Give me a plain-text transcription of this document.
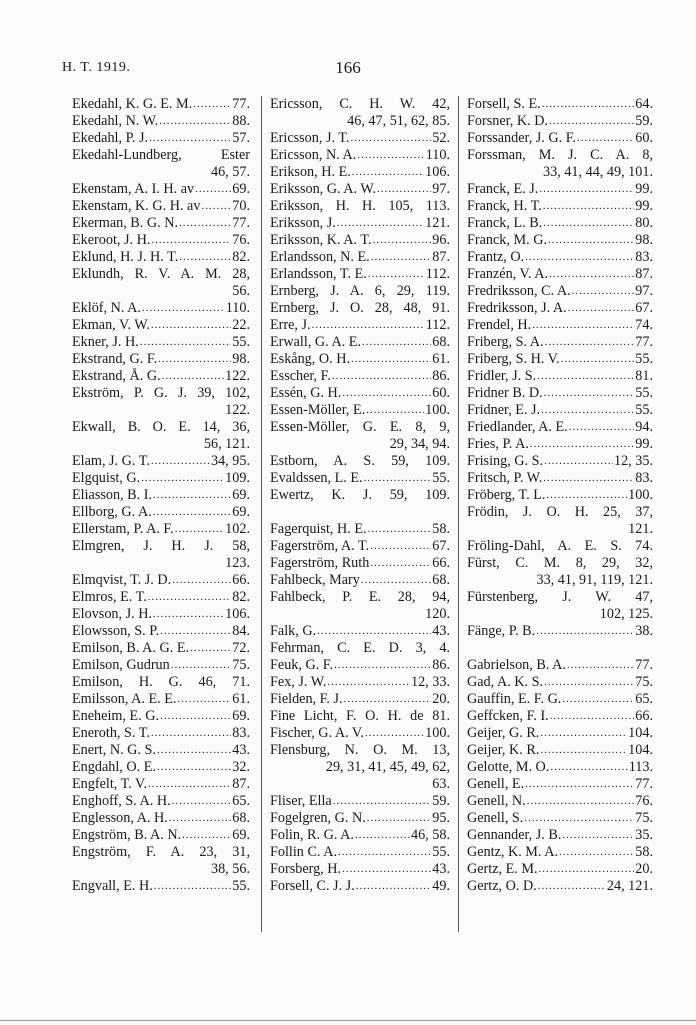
H. T. 1919.	166
Ekedahl, K. G. E. M. .....	77.
Ekedahl, N. W. .....	88.
Ekedahl, P. J. .....	57.
Ekedahl-Lundberg, Ester
46, 57.
Ekenstam, A. I. H. av .....	69.
Ekenstam, K. G. H. av ..... 70.
Ekerman, B. G. N. .....	77.
Ekeroot, J. H. .....	76.
Eklund, H. J. H. T. .....	82.
Eklundh, R. V. A. M. 28,
56.
Eklöf, N. A. .....	110.
Ekman, V. W. .....	22.
Ekner, J. H. .....	55.
Ekstrand, G. F. .....	98.
Ekstrand, Å. G. .....	122.
Ekström, P. G. J. 39, 102,
122.
Ekwall, B. O. E. 14, 36,
56, 121.
Elam, J. G. T. .....	34, 95.
Elgquist, G. .....	109.
Eliasson, B. I. .....	69.
Ellborg, G. A. .....	69.
Ellerstam, P. A. F. .....	102.
Elmgren, J. H. J. 58,
123.
Elmqvist, T. J. D. .....	66.
Elmros, E. T. .....	82.
Elovson, J. H. .....	106.
Elowsson, S. P. .....	84.
Emilson, B. A. G. E. .....	72.
Emilson, Gudrun .....	75.
Emilson, H. G. 46, 71.
Emilsson, A. E. E. .....	61.
Eneheim, E. G. .....	69.
Eneroth, S. T. .....	83.
Enert, N. G. S. .....	43.
Engdahl, O. E. .....	32.
Engfelt, T. V. .....	87.
Enghoff, S. A. H. .....	65.
Englesson, A. H. .....	68.
Engström, B. A. N. .....	69.
Engström, F. A. 23, 31,
38, 56.
Engvall, E. H. .....	55.
Ericsson, C. H. W. 42,
46, 47, 51, 62, 85.
Ericsson, J. T. .....	52.
Ericsson, N. A. .....	110.
Erikson, H. E. .....	106.
Eriksson, G. A. W. .....	97.
Eriksson, H. H. 105, 113.
Eriksson, J. .....	121.
Eriksson, K. A. T. .....	96.
Erlandsson, N. E. .....	87.
Erlandsson, T. E. .....	112.
Ernberg, J. A. 6, 29, 119.
Ernberg, J. O. 28, 48, 91.
Erre, J. .....	112.
Erwall, G. A. E. .....	68.
Eskång, O. H. .....	61.
Esscher, F. .....	86.
Essén, G. H. .....	60.
Essen-Möller, E. .....	100.
Essen-Möller, G. E. 8, 9,
29, 34, 94.
Estborn, A. S. 59, 109.
Evaldssen, L. E. .....	55.
Ewertz, K. J. 59, 109.
Fagerquist, H. E. .....	58.
Fagerström, A. T. .....	67.
Fagerström, Ruth .....	66.
Fahlbeck, Mary .....	68.
Fahlbeck, P. E. 28, 94,
120.
Falk, G. .....	43.
Fehrman, C. E. D. 3, 4.
Feuk, G. F. .....	86.
Fex, J. W. .....	12, 33.
Fielden, F. J. .....	20.
Fine Licht, F. O. H. de 81.
Fischer, G. A. V. .....	100.
Flensburg, N. O. M. 13,
29, 31, 41, 45, 49, 62,
63.
Fliser, Ella .....	59.
Fogelgren, G. N. .....	95.
Folin, R. G. A. .....	46, 58.
Follin C. A. .....	55.
Forsberg, H. .....	43.
Forsell, C. J. J. .....	49.
Forsell, S. E. .....	64.
Forsner, K. D. .....	59.
Forssander, J. G. F. .....	60.
Forssman, M. J. C. A. 8,
33, 41, 44, 49, 101.
Franck, E. J. .....	99.
Franck, H. T. .....	99.
Franck, L. B. .....	80.
Franck, M. G. .....	98.
Frantz, O. .....	83.
Franzén, V. A. .....	87.
Fredriksson, C. A. .....	97.
Fredriksson, J. A. .....	67.
Frendel, H. .....	74.
Friberg, S. A. .....	77.
Friberg, S. H. V. .....	55.
Fridler, J. S. .....	81.
Fridner B. D. .....	55.
Fridner, E. J. .....	55.
Friedlander, A. E. .....	94.
Fries, P. A. .....	99.
Frising, G. S. .....	12, 35.
Fritsch, P. W. .....	83.
Fröberg, T. L. .....	100.
Frödin, J. O. H. 25, 37,
121.
Fröling-Dahl, A. E. S. 74.
Fürst, C. M. 8, 29, 32,
33, 41, 91, 119, 121.
Fürstenberg, J. W. 47,
102, 125.
Fänge, P. B. .....	38.
Gabrielson, B. A. .....	77.
Gad, A. K. S. .....	75.
Gauffin, E. F. G. .....	65.
Geffcken, F. I. .....	66.
Geijer, G. R. .....	104.
Geijer, K. R. .....	104.
Gelotte, M. O. .....	113.
Genell, E. .....	77.
Genell, N. .....	76.
Genell, S. .....	75.
Gennander, J. B. .....	35.
Gentz, K. M. A. .....	58.
Gertz, E. M. .....	20.
Gertz, O. D. .....	24, 121.
